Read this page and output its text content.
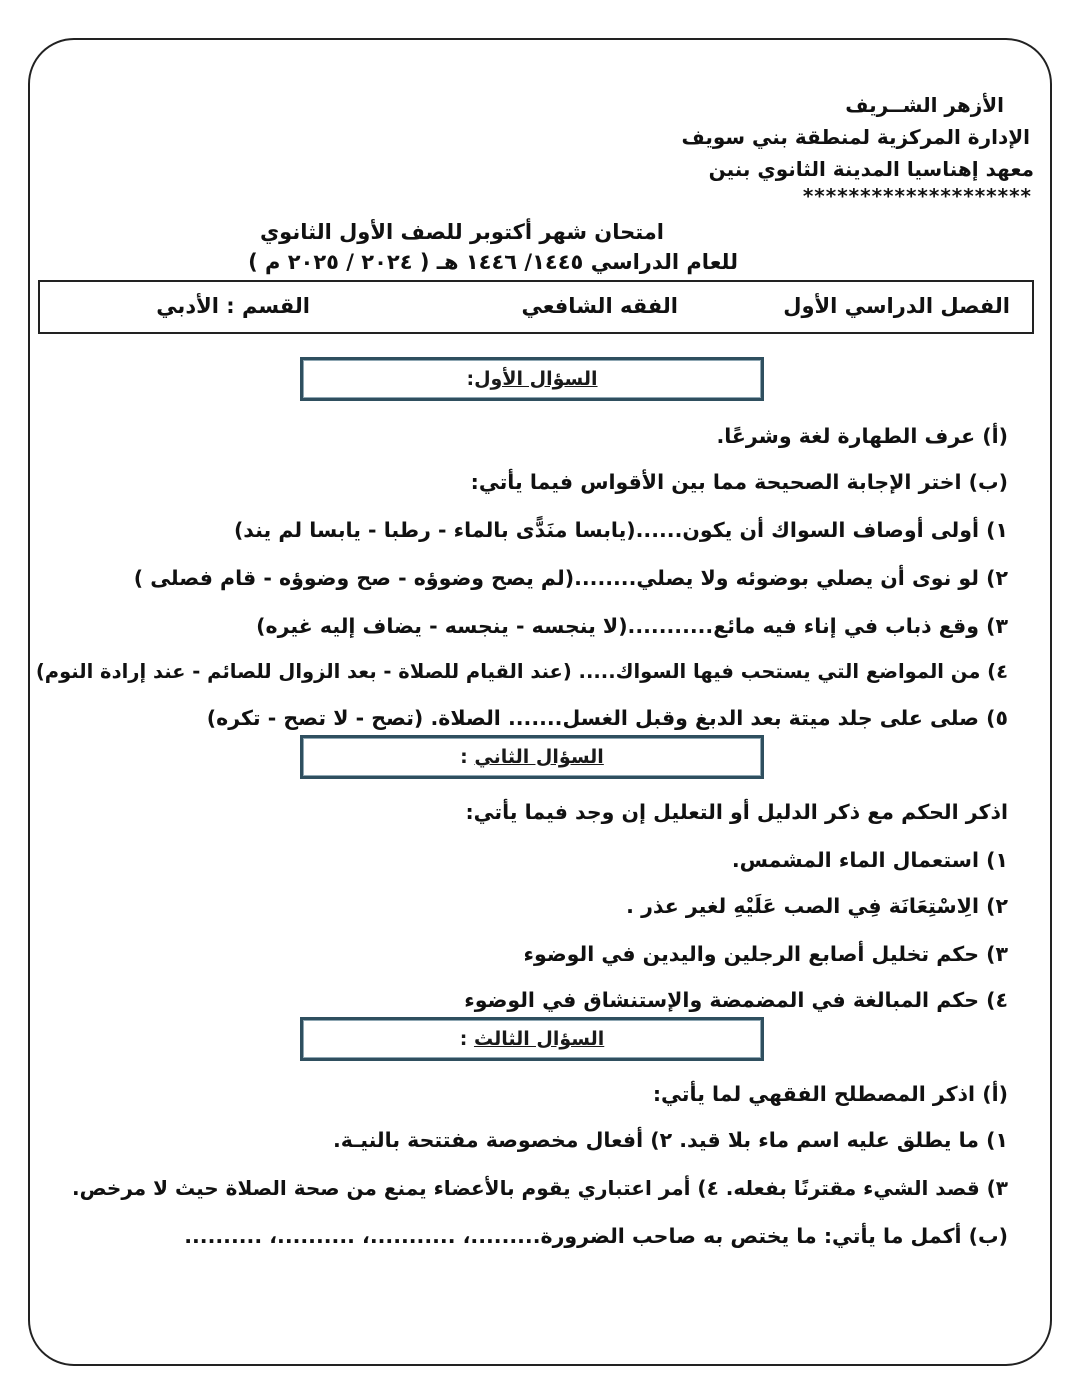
الأزهر الشــريف
الإدارة المركزية لمنطقة بني سويف
معهد إهناسيا المدينة الثانوي بنين
********************
امتحان شهر أكتوبر للصف الأول الثانوي
للعام الدراسي ١٤٤٥/ ١٤٤٦ هـ ( ٢٠٢٤ / ٢٠٢٥ م )
الفصل الدراسي الأول
الفقه الشافعي
القسم : الأدبي
السؤال الأول:
(أ) عرف الطهارة لغة وشرعًا.
(ب) اختر الإجابة الصحيحة مما بين الأقواس فيما يأتي:
١) أولى أوصاف السواك أن يكون......(يابسا منَدًّى بالماء - رطبا - يابسا لم يند)
٢) لو نوى أن يصلي بوضوئه ولا يصلي........(لم يصح وضوؤه - صح وضوؤه - قام فصلى )
٣) وقع ذباب في إناء فيه مائع...........(لا ينجسه - ينجسه - يضاف إليه غيره)
٤) من المواضع التي يستحب فيها السواك..... (عند القيام للصلاة - بعد الزوال للصائم - عند إرادة النوم)
٥) صلى على جلد ميتة بعد الدبغ وقبل الغسل....... الصلاة. (تصح - لا تصح - تكره)
السؤال الثاني :
اذكر الحكم مع ذكر الدليل أو التعليل إن وجد فيما يأتي:
١) استعمال الماء المشمس.
٢) الِاسْتِعَانَة فِي الصب عَلَيْهِ لغير عذر .
٣) حكم تخليل أصابع الرجلين واليدين في الوضوء
٤) حكم المبالغة في المضمضة والإستنشاق في الوضوء
السؤال الثالث :
(أ) اذكر المصطلح الفقهي لما يأتي:
١) ما يطلق عليه اسم ماء بلا قيد. ٢) أفعال مخصوصة مفتتحة بالنيـة.
٣) قصد الشيء مقترنًا بفعله. ٤) أمر اعتباري يقوم بالأعضاء يمنع من صحة الصلاة حيث لا مرخص.
(ب) أكمل ما يأتي: ما يختص به صاحب الضرورة.........، ...........، ..........، ..........
